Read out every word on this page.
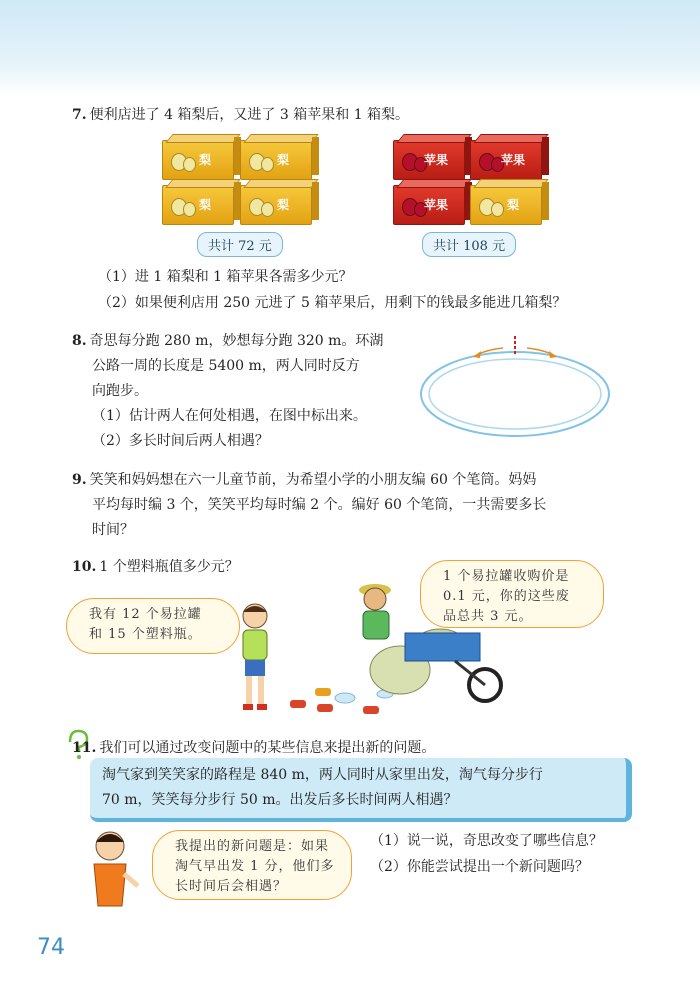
7. 便利店进了 4 箱梨后，又进了 3 箱苹果和 1 箱梨。
梨	梨
梨	梨
共计 72 元
苹果	苹果
苹果	梨
共计 108 元
（1）进 1 箱梨和 1 箱苹果各需多少元？
（2）如果便利店用 250 元进了 5 箱苹果后，用剩下的钱最多能进几箱梨？
8. 奇思每分跑 280 m，妙想每分跑 320 m。环湖
公路一周的长度是 5400 m，两人同时反方
向跑步。
（1）估计两人在何处相遇，在图中标出来。
（2）多长时间后两人相遇？
9. 笑笑和妈妈想在六一儿童节前，为希望小学的小朋友编 60 个笔筒。妈妈
平均每时编 3 个，笑笑平均每时编 2 个。编好 60 个笔筒，一共需要多长
时间？
10. 1 个塑料瓶值多少元？
我有 12 个易拉罐
和 15 个塑料瓶。
1 个易拉罐收购价是
0.1 元，你的这些废
品总共 3 元。
11. 我们可以通过改变问题中的某些信息来提出新的问题。
淘气家到笑笑家的路程是 840 m，两人同时从家里出发，淘气每分步行
70 m，笑笑每分步行 50 m。出发后多长时间两人相遇？
我提出的新问题是：如果
淘气早出发 1 分，他们多
长时间后会相遇？
（1）说一说，奇思改变了哪些信息？
（2）你能尝试提出一个新问题吗？
74
